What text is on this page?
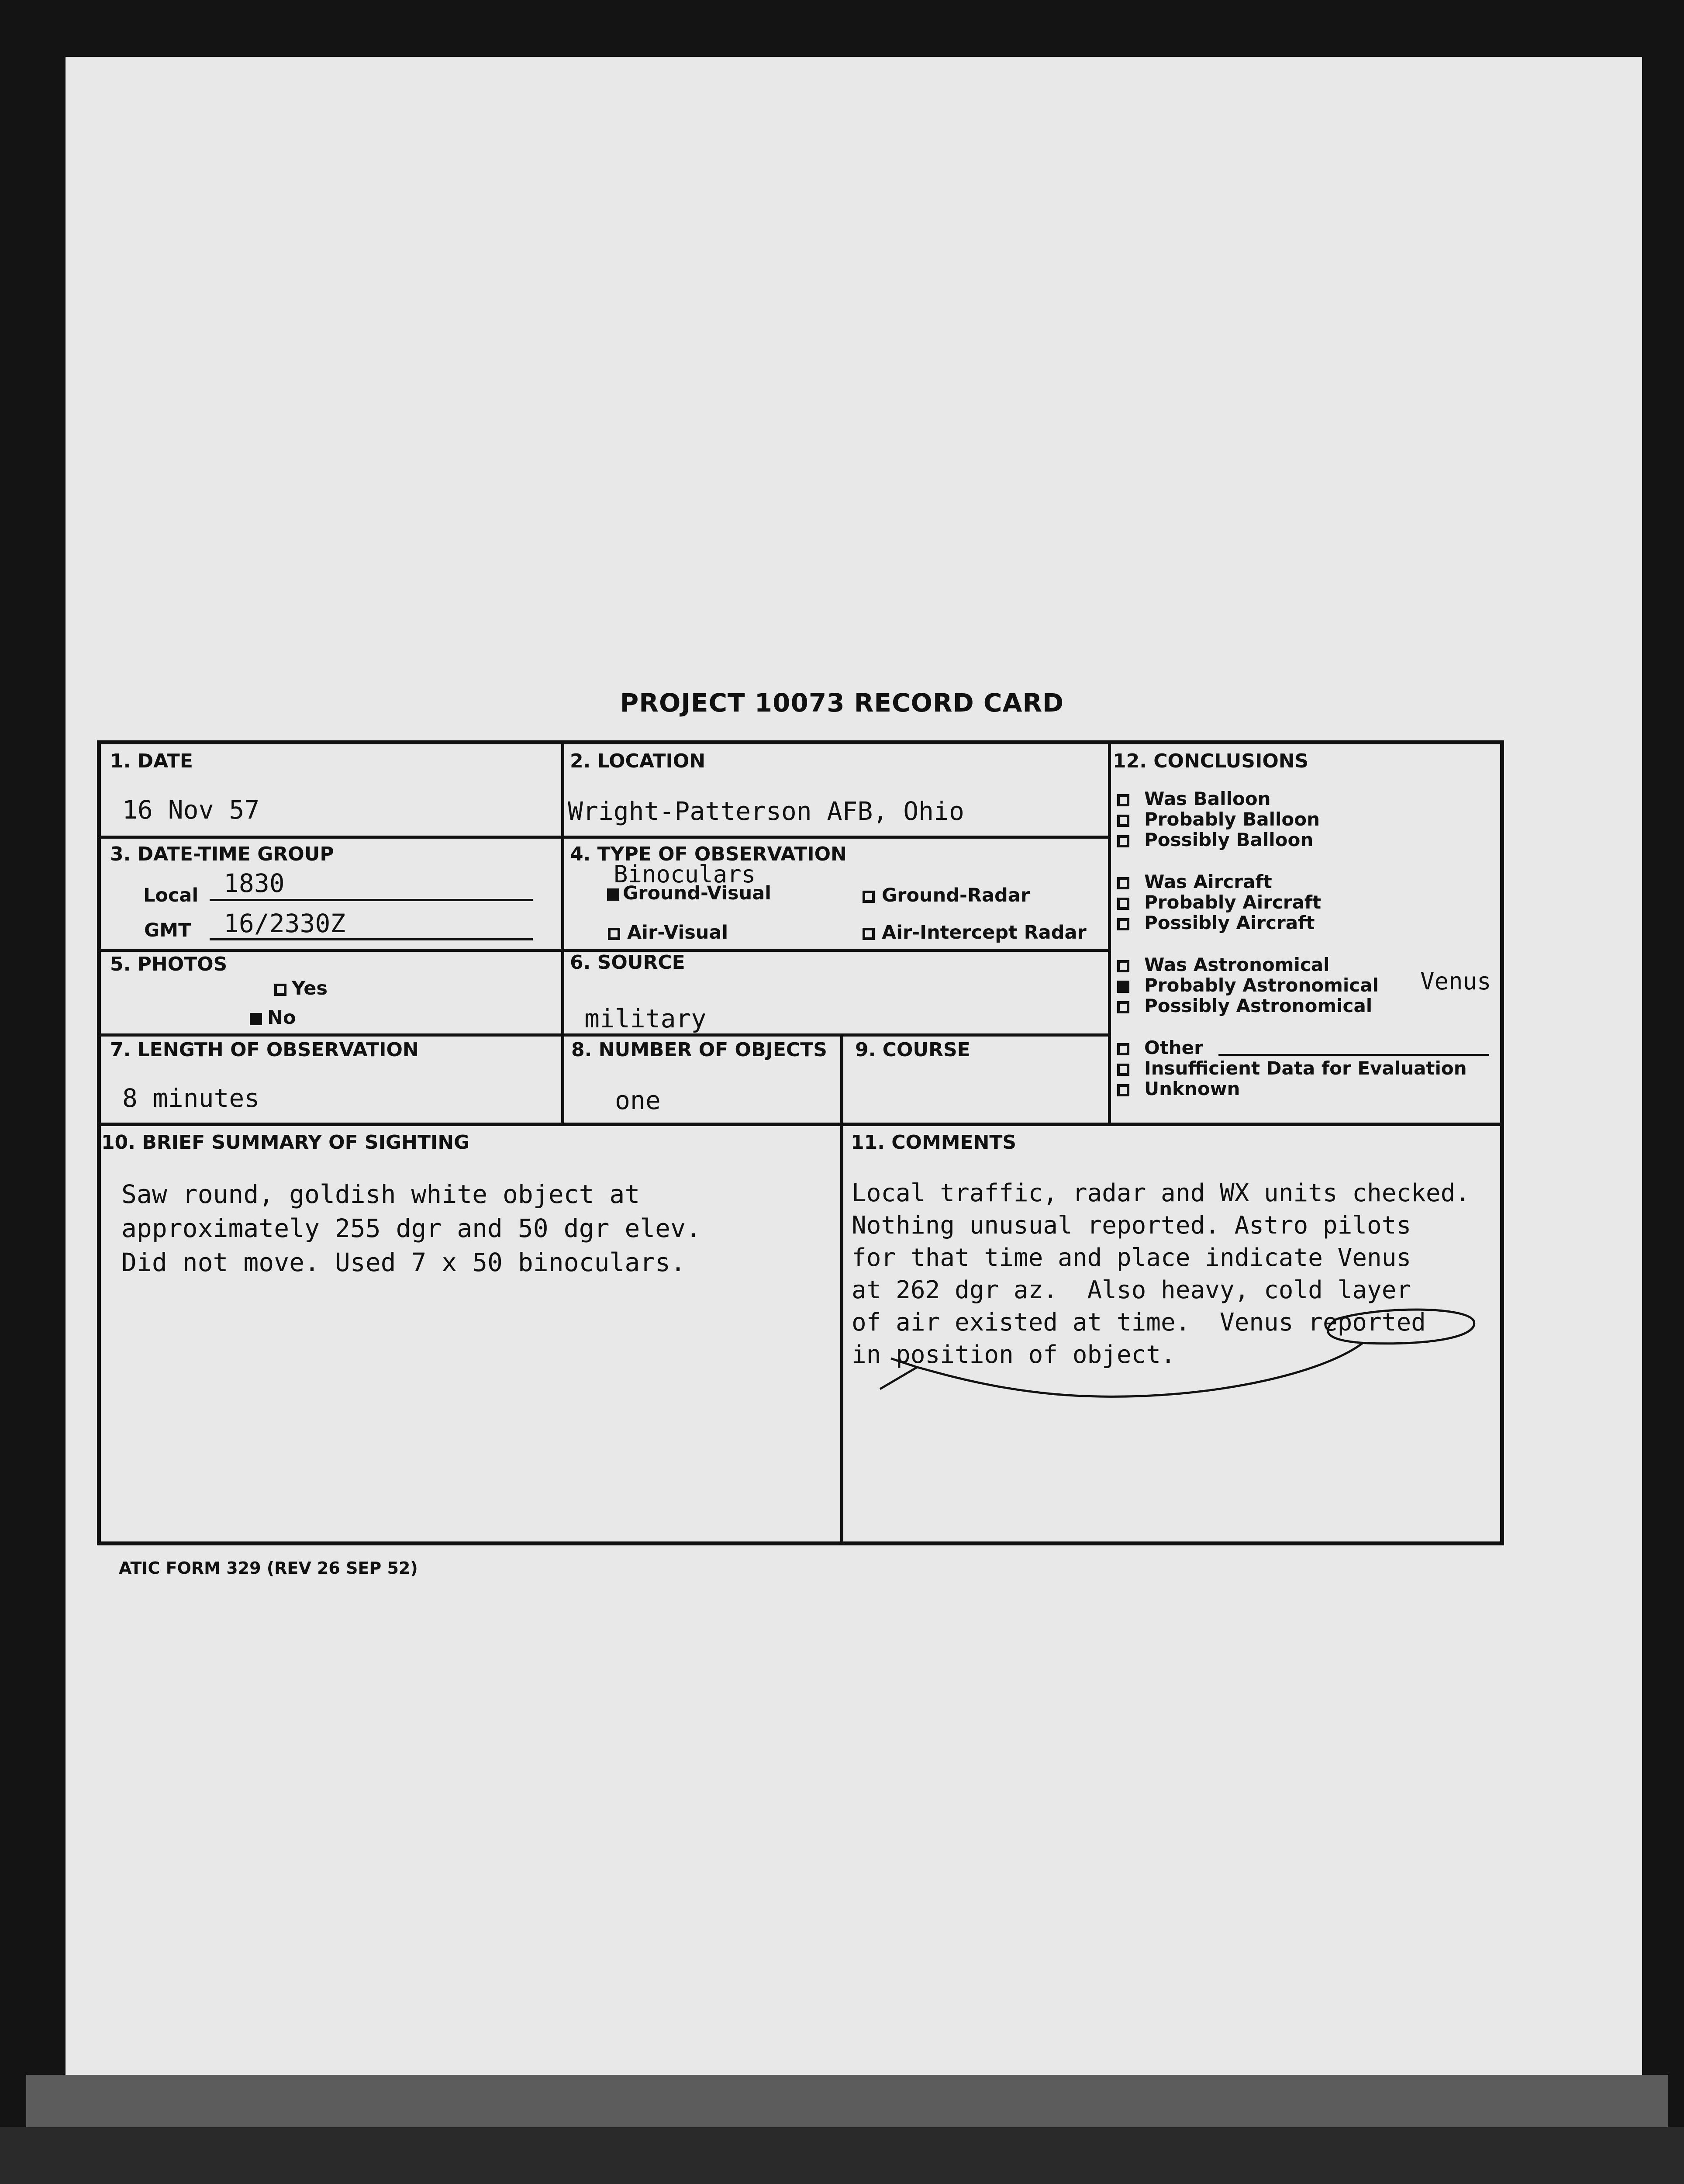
PROJECT 10073 RECORD CARD
1. DATE
16 Nov 57
2. LOCATION
Wright-Patterson AFB, Ohio
3. DATE-TIME GROUP
Local 1830
GMT 16/2330Z
4. TYPE OF OBSERVATION
Binoculars
Ground-Visual	Ground-Radar
Air-Visual	Air-Intercept Radar
5. PHOTOS
Yes
No
6. SOURCE
military
7. LENGTH OF OBSERVATION
8 minutes
8. NUMBER OF OBJECTS
one
9. COURSE
12. CONCLUSIONS
Was Balloon
Probably Balloon
Possibly Balloon
Was Aircraft
Probably Aircraft
Possibly Aircraft
Was Astronomical
Probably Astronomical
Possibly Astronomical
Venus
Other
Insufficient Data for Evaluation
Unknown
10. BRIEF SUMMARY OF SIGHTING
Saw round, goldish white object at
approximately 255 dgr and 50 dgr elev.
Did not move. Used 7 x 50 binoculars.
11. COMMENTS
Local traffic, radar and WX units checked.
Nothing unusual reported. Astro pilots
for that time and place indicate Venus
at 262 dgr az.  Also heavy, cold layer
of air existed at time.  Venus reported
in position of object.
ATIC FORM 329 (REV 26 SEP 52)
